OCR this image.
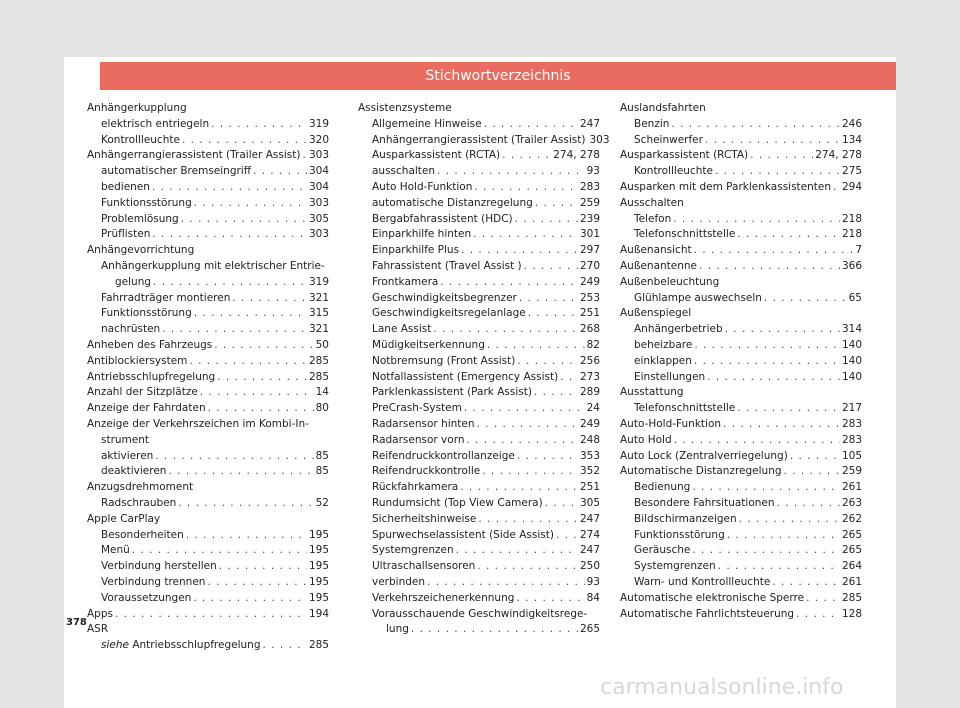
Stichwortverzeichnis
Anhängerkupplung
elektrisch entriegeln . . .	319
Kontrollleuchte . . .	320
Anhängerrangierassistent (Trailer Assist) . . . 303
automatischer Bremseingriff . . .	304
bedienen . . .	304
Funktionsstörung . . .	303
Problemlösung . . .	305
Prüflisten . . .	303
Anhängevorrichtung
Anhängerkupplung mit elektrischer Entrie-
gelung . . .	319
Fahrradträger montieren . . .	321
Funktionsstörung . . .	315
nachrüsten . . .	321
Anheben des Fahrzeugs . . .	50
Antiblockiersystem . . .	285
Antriebsschlupfregelung . . .	285
Anzahl der Sitzplätze . . .	14
Anzeige der Fahrdaten . . .	80
Anzeige der Verkehrszeichen im Kombi-In-
strument
aktivieren . . .	85
deaktivieren . . .	85
Anzugsdrehmoment
Radschrauben . . .	52
Apple CarPlay
Besonderheiten . . .	195
Menü . . .	195
Verbindung herstellen . . .	195
Verbindung trennen . . .	195
Voraussetzungen . . .	195
Apps . . .	194
ASR
siehe Antriebsschlupfregelung . . .	285
Assistenzsysteme
Allgemeine Hinweise . . .	247
Anhängerrangierassistent (Trailer Assist) 303
Ausparkassistent (RCTA) . . .	274, 278
ausschalten . . .	93
Auto Hold-Funktion . . .	283
automatische Distanzregelung . . .	259
Bergabfahrassistent (HDC) . . .	239
Einparkhilfe hinten . . .	301
Einparkhilfe Plus . . .	297
Fahrassistent (Travel Assist ) . . .	270
Frontkamera . . .	249
Geschwindigkeitsbegrenzer . . .	253
Geschwindigkeitsregelanlage . . .	251
Lane Assist . . .	268
Müdigkeitserkennung . . .	82
Notbremsung (Front Assist) . . .	256
Notfallassistent (Emergency Assist) . . . 273
Parklenkassistent (Park Assist) . . .	289
PreCrash-System . . .	24
Radarsensor hinten . . .	249
Radarsensor vorn . . .	248
Reifendruckkontrollanzeige . . .	353
Reifendruckkontrolle . . .	352
Rückfahrkamera . . .	251
Rundumsicht (Top View Camera) . . .	305
Sicherheitshinweise . . .	247
Spurwechselassistent (Side Assist) . . . 274
Systemgrenzen . . .	247
Ultraschallsensoren . . .	250
verbinden . . .	93
Verkehrszeichenerkennung . . .	84
Vorausschauende Geschwindigkeitsrege-
lung . . .	265
Auslandsfahrten
Benzin . . .	246
Scheinwerfer . . .	134
Ausparkassistent (RCTA) . . .	274, 278
Kontrollleuchte . . .	275
Ausparken mit dem Parklenkassistenten . . . 294
Ausschalten
Telefon . . .	218
Telefonschnittstelle . . .	218
Außenansicht . . .	7
Außenantenne . . .	366
Außenbeleuchtung
Glühlampe auswechseln . . .	65
Außenspiegel
Anhängerbetrieb . . .	314
beheizbare . . .	140
einklappen . . .	140
Einstellungen . . .	140
Ausstattung
Telefonschnittstelle . . .	217
Auto-Hold-Funktion . . .	283
Auto Hold . . .	283
Auto Lock (Zentralverriegelung) . . .	105
Automatische Distanzregelung . . .	259
Bedienung . . .	261
Besondere Fahrsituationen . . .	263
Bildschirmanzeigen . . .	262
Funktionsstörung . . .	265
Geräusche . . .	265
Systemgrenzen . . .	264
Warn- und Kontrollleuchte . . .	261
Automatische elektronische Sperre . . .	285
Automatische Fahrlichtsteuerung . . .	128
378
carmanualsonline.info
